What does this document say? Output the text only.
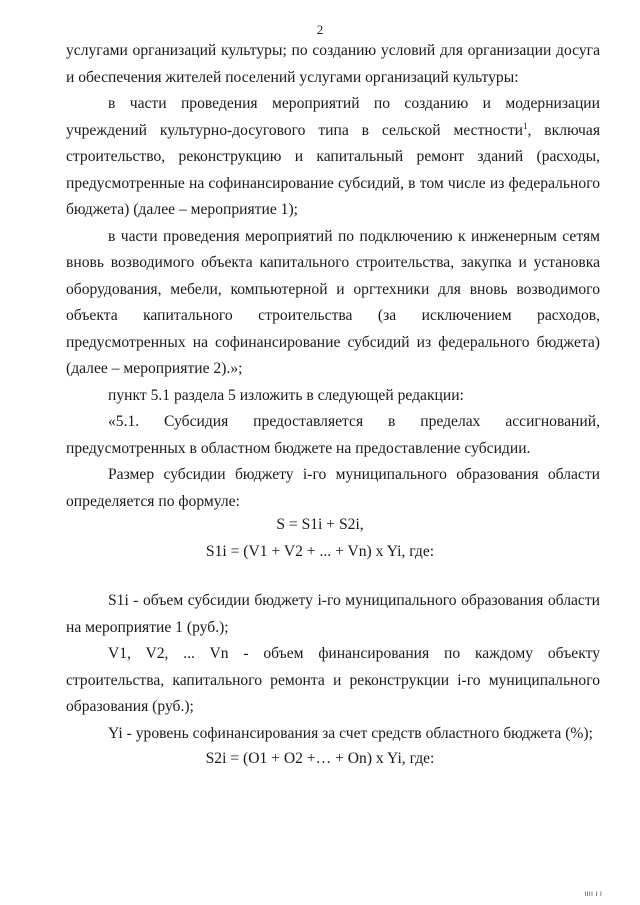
2

услугами организаций культуры; по созданию условий для организации досуга и обеспечения жителей поселений услугами организаций культуры:

в части проведения мероприятий по созданию и модернизации учреждений культурно-досугового типа в сельской местности$^1$, включая строительство, реконструкцию и капитальный ремонт зданий (расходы, предусмотренные на софинансирование субсидий, в том числе из федерального бюджета) (далее – мероприятие 1);

в части проведения мероприятий по подключению к инженерным сетям вновь возводимого объекта капитального строительства, закупка и установка оборудования, мебели, компьютерной и оргтехники для вновь возводимого объекта капитального строительства (за исключением расходов, предусмотренных на софинансирование субсидий из федерального бюджета) (далее – мероприятие 2).»;

пункт 5.1 раздела 5 изложить в следующей редакции:

«5.1. Субсидия предоставляется в пределах ассигнований, предусмотренных в областном бюджете на предоставление субсидии.

Размер субсидии бюджету i-го муниципального образования области определяется по формуле:

S = S1i + S2i,

S1i = (V1 + V2 + ... + Vn) x Yi, где:

S1i - объем субсидии бюджету i-го муниципального образования области на мероприятие 1 (руб.);

V1, V2, ... Vn - объем финансирования по каждому объекту строительства, капитального ремонта и реконструкции i-го муниципального образования (руб.);

Yi - уровень софинансирования за счет средств областного бюджета (%);

S2i = (O1 + O2 +… + On) x Yi, где:

ıııı ı ı
